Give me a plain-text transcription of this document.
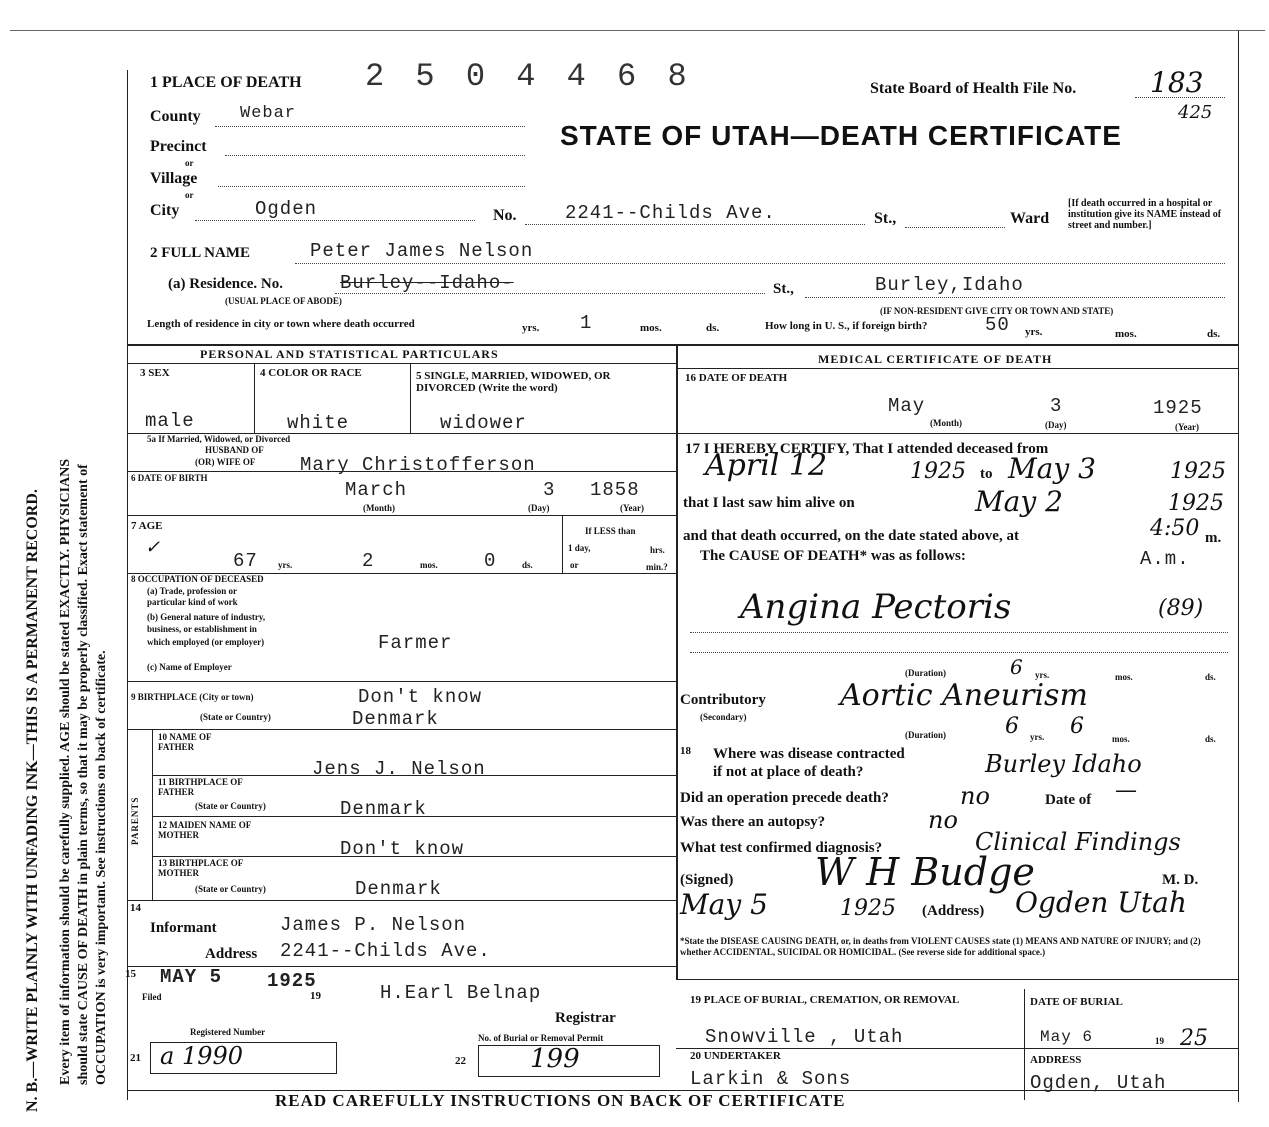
N. B.—WRITE PLAINLY WITH UNFADING INK—THIS IS A PERMANENT RECORD. Every item of information should be carefully supplied. AGE should be stated EXACTLY. PHYSICIANS should state CAUSE OF DEATH in plain terms, so that it may be properly classified. Exact statement of OCCUPATION is very important. See instructions on back of certificate.
1 PLACE OF DEATH 2 5 0 4 4 6 8	State Board of Health File No.	183
425
STATE OF UTAH—DEATH CERTIFICATE
County Webar
Precinct
or
Village
or
City	Ogden	No.	2241--Childs Ave.	St.,	Ward
[If death occurred in a hospital or institution give its NAME instead of street and number.]
2 FULL NAME	Peter James Nelson
(a) Residence. No.	Burley--Idaho-
(USUAL PLACE OF ABODE)
St.,	Burley,Idaho
(IF NON-RESIDENT GIVE CITY OR TOWN AND STATE)
Length of residence in city or town where death occurred	yrs. 1	mos.	ds.	How long in U. S., if foreign birth?	50 yrs.	mos.	ds.
PERSONAL AND STATISTICAL PARTICULARS
3 SEX
male
4 COLOR OR RACE
white
5 SINGLE, MARRIED, WIDOWED, OR DIVORCED (Write the word)
widower
5a If Married, Widowed, or Divorced
HUSBAND OF
(OR) WIFE OF Mary Christofferson
6 DATE OF BIRTH
March	3 1858
(Month)	(Day)	(Year)
7 AGE
✓
67 yrs.	2	mos. 0	ds.
If LESS than
1 day,	hrs.
or	min.?
8 OCCUPATION OF DECEASED
(a) Trade, profession or
particular kind of work
(b) General nature of industry,
business, or establishment in
which employed (or employer)	Farmer
(c) Name of Employer
9 BIRTHPLACE (City or town)	Don't know
(State or Country)	Denmark
PARENTS
10 NAME OF FATHER
Jens J. Nelson
11 BIRTHPLACE OF FATHER
(State or Country)	Denmark
12 MAIDEN NAME OF MOTHER
Don't know
13 BIRTHPLACE OF MOTHER
(State or Country)	Denmark
14
Informant	James P. Nelson
Address 2241--Childs Ave.
15 MAY 5 1925
Filed	19	H.Earl Belnap
Registrar
Registered Number
No. of Burial or Removal Permit
21 a 1990	22 199
MEDICAL CERTIFICATE OF DEATH
16 DATE OF DEATH
May	3	1925
(Month)	(Day)	(Year)
17 I HEREBY CERTIFY, That I attended deceased from
April 12	1925 to May 3	1925
that I last saw him alive on	May 2	1925
and that death occurred, on the date stated above, at	4:50 m.
The CAUSE OF DEATH* was as follows:	A.m.
Angina Pectoris	(89)
(Duration)	6 yrs.	mos.	ds.
Contributory
(Secondary)
Aortic Aneurism
(Duration)	6 yrs. 6	mos.	ds.
18 Where was disease contracted
if not at place of death?	Burley Idaho
Did an operation precede death?	no	Date of —
Was there an autopsy?	no
What test confirmed diagnosis?	Clinical Findings
(Signed) W H Budge	M. D.
May 5	1925 (Address) Ogden Utah
*State the DISEASE CAUSING DEATH, or, in deaths from VIOLENT CAUSES state (1) MEANS AND NATURE OF INJURY; and (2) whether ACCIDENTAL, SUICIDAL OR HOMICIDAL. (See reverse side for additional space.)
19 PLACE OF BURIAL, CREMATION, OR REMOVAL	DATE OF BURIAL
Snowville , Utah	May 6	19 25
20 UNDERTAKER	ADDRESS
Larkin & Sons	Ogden, Utah
READ CAREFULLY INSTRUCTIONS ON BACK OF CERTIFICATE
